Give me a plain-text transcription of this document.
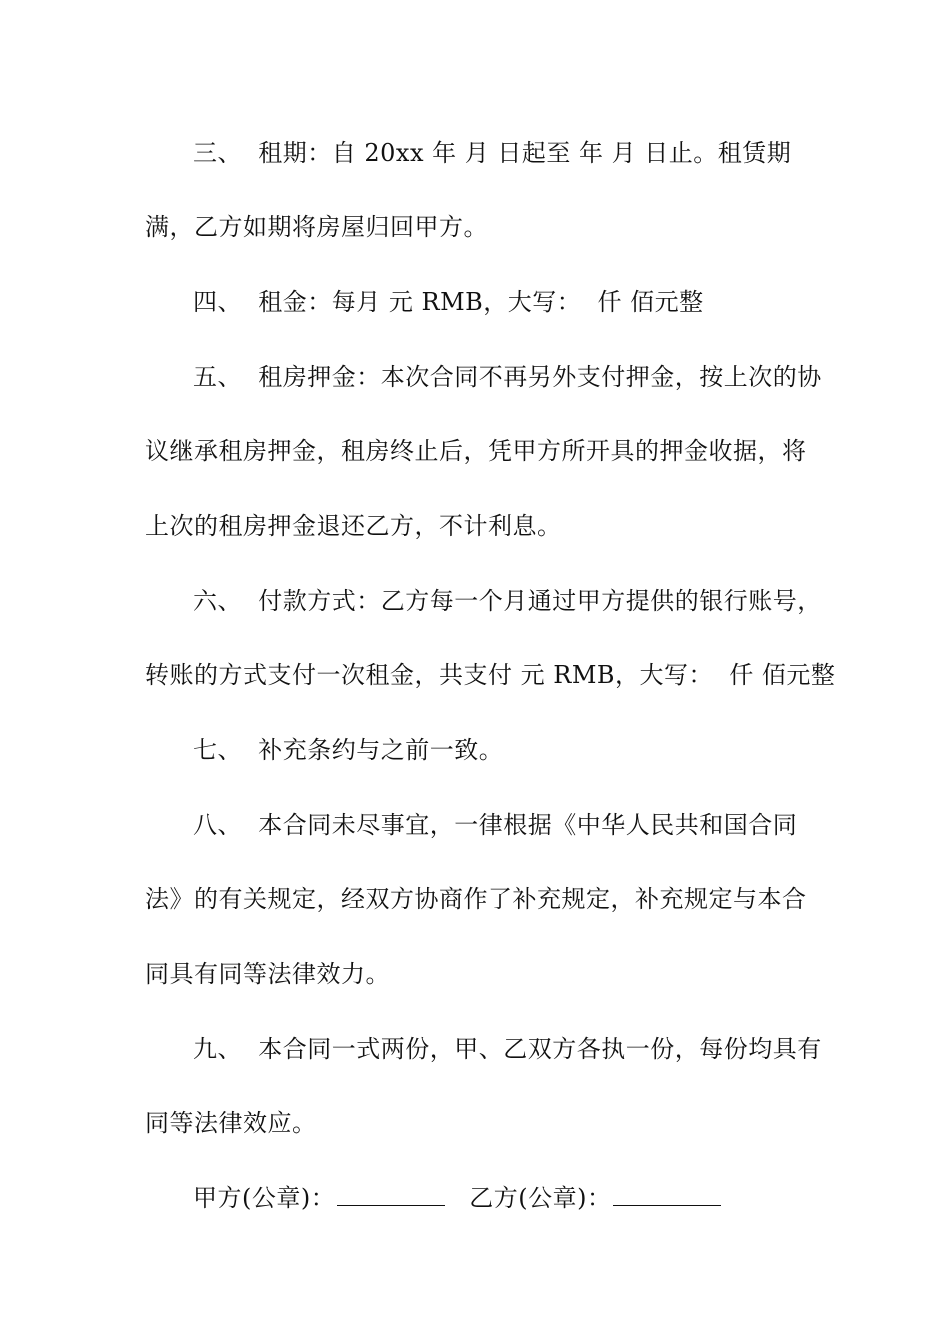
三、  租期：自 20xx 年 月 日起至 年 月 日止。租赁期
满，乙方如期将房屋归回甲方。
四、  租金：每月 元 RMB，大写：  仟 佰元整
五、  租房押金：本次合同不再另外支付押金，按上次的协
议继承租房押金，租房终止后，凭甲方所开具的押金收据，将
上次的租房押金退还乙方，不计利息。
六、  付款方式：乙方每一个月通过甲方提供的银行账号，
转账的方式支付一次租金，共支付 元 RMB，大写：  仟 佰元整
七、  补充条约与之前一致。
八、  本合同未尽事宜，一律根据《中华人民共和国合同
法》的有关规定，经双方协商作了补充规定，补充规定与本合
同具有同等法律效力。
九、  本合同一式两份，甲、乙双方各执一份，每份均具有
同等法律效应。
甲方(公章)：	乙方(公章)：
